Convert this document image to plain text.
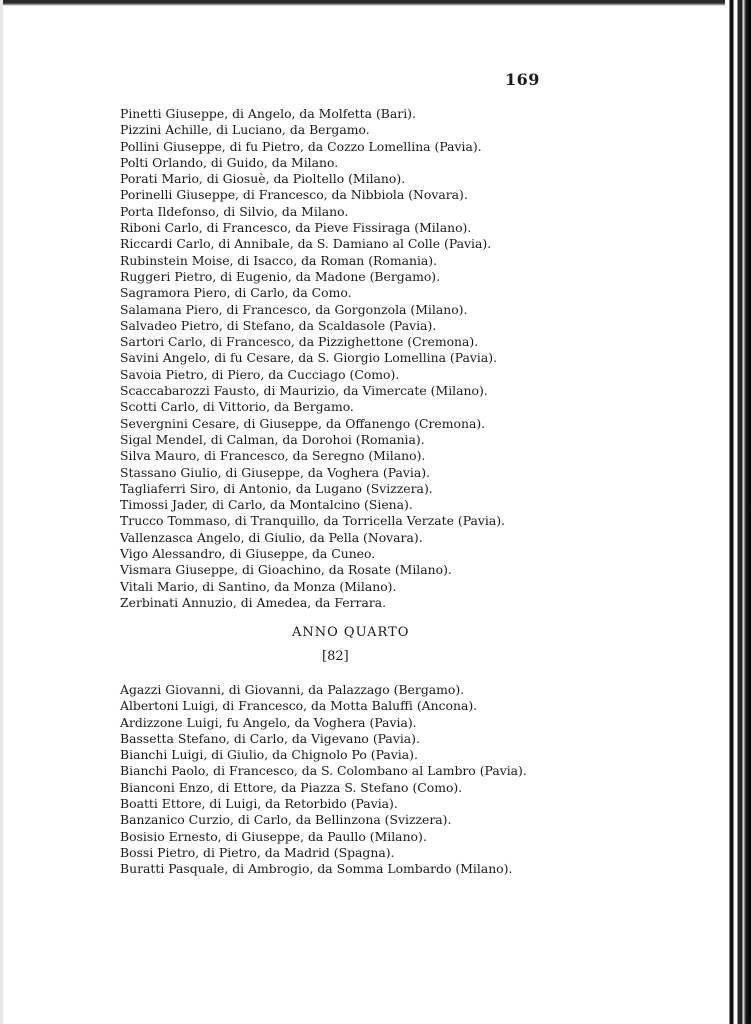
169
Pinetti Giuseppe, di Angelo, da Molfetta (Bari).
Pizzini Achille, di Luciano, da Bergamo.
Pollini Giuseppe, di fu Pietro, da Cozzo Lomellina (Pavia).
Polti Orlando, di Guido, da Milano.
Porati Mario, di Giosuè, da Pioltello (Milano).
Porinelli Giuseppe, di Francesco, da Nibbiola (Novara).
Porta Ildefonso, di Silvio, da Milano.
Riboni Carlo, di Francesco, da Pieve Fissiraga (Milano).
Riccardi Carlo, di Annibale, da S. Damiano al Colle (Pavia).
Rubinstein Moise, di Isacco, da Roman (Romania).
Ruggeri Pietro, di Eugenio, da Madone (Bergamo).
Sagramora Piero, di Carlo, da Como.
Salamana Piero, di Francesco, da Gorgonzola (Milano).
Salvadeo Pietro, di Stefano, da Scaldasole (Pavia).
Sartori Carlo, di Francesco, da Pizzighettone (Cremona).
Savini Angelo, di fu Cesare, da S. Giorgio Lomellina (Pavia).
Savoia Pietro, di Piero, da Cucciago (Como).
Scaccabarozzi Fausto, di Maurizio, da Vimercate (Milano).
Scotti Carlo, di Vittorio, da Bergamo.
Severgnini Cesare, di Giuseppe, da Offanengo (Cremona).
Sigal Mendel, di Calman, da Dorohoi (Romania).
Silva Mauro, di Francesco, da Seregno (Milano).
Stassano Giulio, di Giuseppe, da Voghera (Pavia).
Tagliaferri Siro, di Antonio, da Lugano (Svizzera).
Timossi Jader, di Carlo, da Montalcino (Siena).
Trucco Tommaso, di Tranquillo, da Torricella Verzate (Pavia).
Vallenzasca Angelo, di Giulio, da Pella (Novara).
Vigo Alessandro, di Giuseppe, da Cuneo.
Vismara Giuseppe, di Gioachino, da Rosate (Milano).
Vitali Mario, di Santino, da Monza (Milano).
Zerbinati Annuzio, di Amedea, da Ferrara.
ANNO QUARTO
[82]
Agazzi Giovanni, di Giovanni, da Palazzago (Bergamo).
Albertoni Luigi, di Francesco, da Motta Baluffi (Ancona).
Ardizzone Luigi, fu Angelo, da Voghera (Pavia).
Bassetta Stefano, di Carlo, da Vigevano (Pavia).
Bianchi Luigi, di Giulio, da Chignolo Po (Pavia).
Bianchi Paolo, di Francesco, da S. Colombano al Lambro (Pavia).
Bianconi Enzo, di Ettore, da Piazza S. Stefano (Como).
Boatti Ettore, di Luigi, da Retorbido (Pavia).
Banzanico Curzio, di Carlo, da Bellinzona (Svizzera).
Bosisio Ernesto, di Giuseppe, da Paullo (Milano).
Bossi Pietro, di Pietro, da Madrid (Spagna).
Buratti Pasquale, di Ambrogio, da Somma Lombardo (Milano).
